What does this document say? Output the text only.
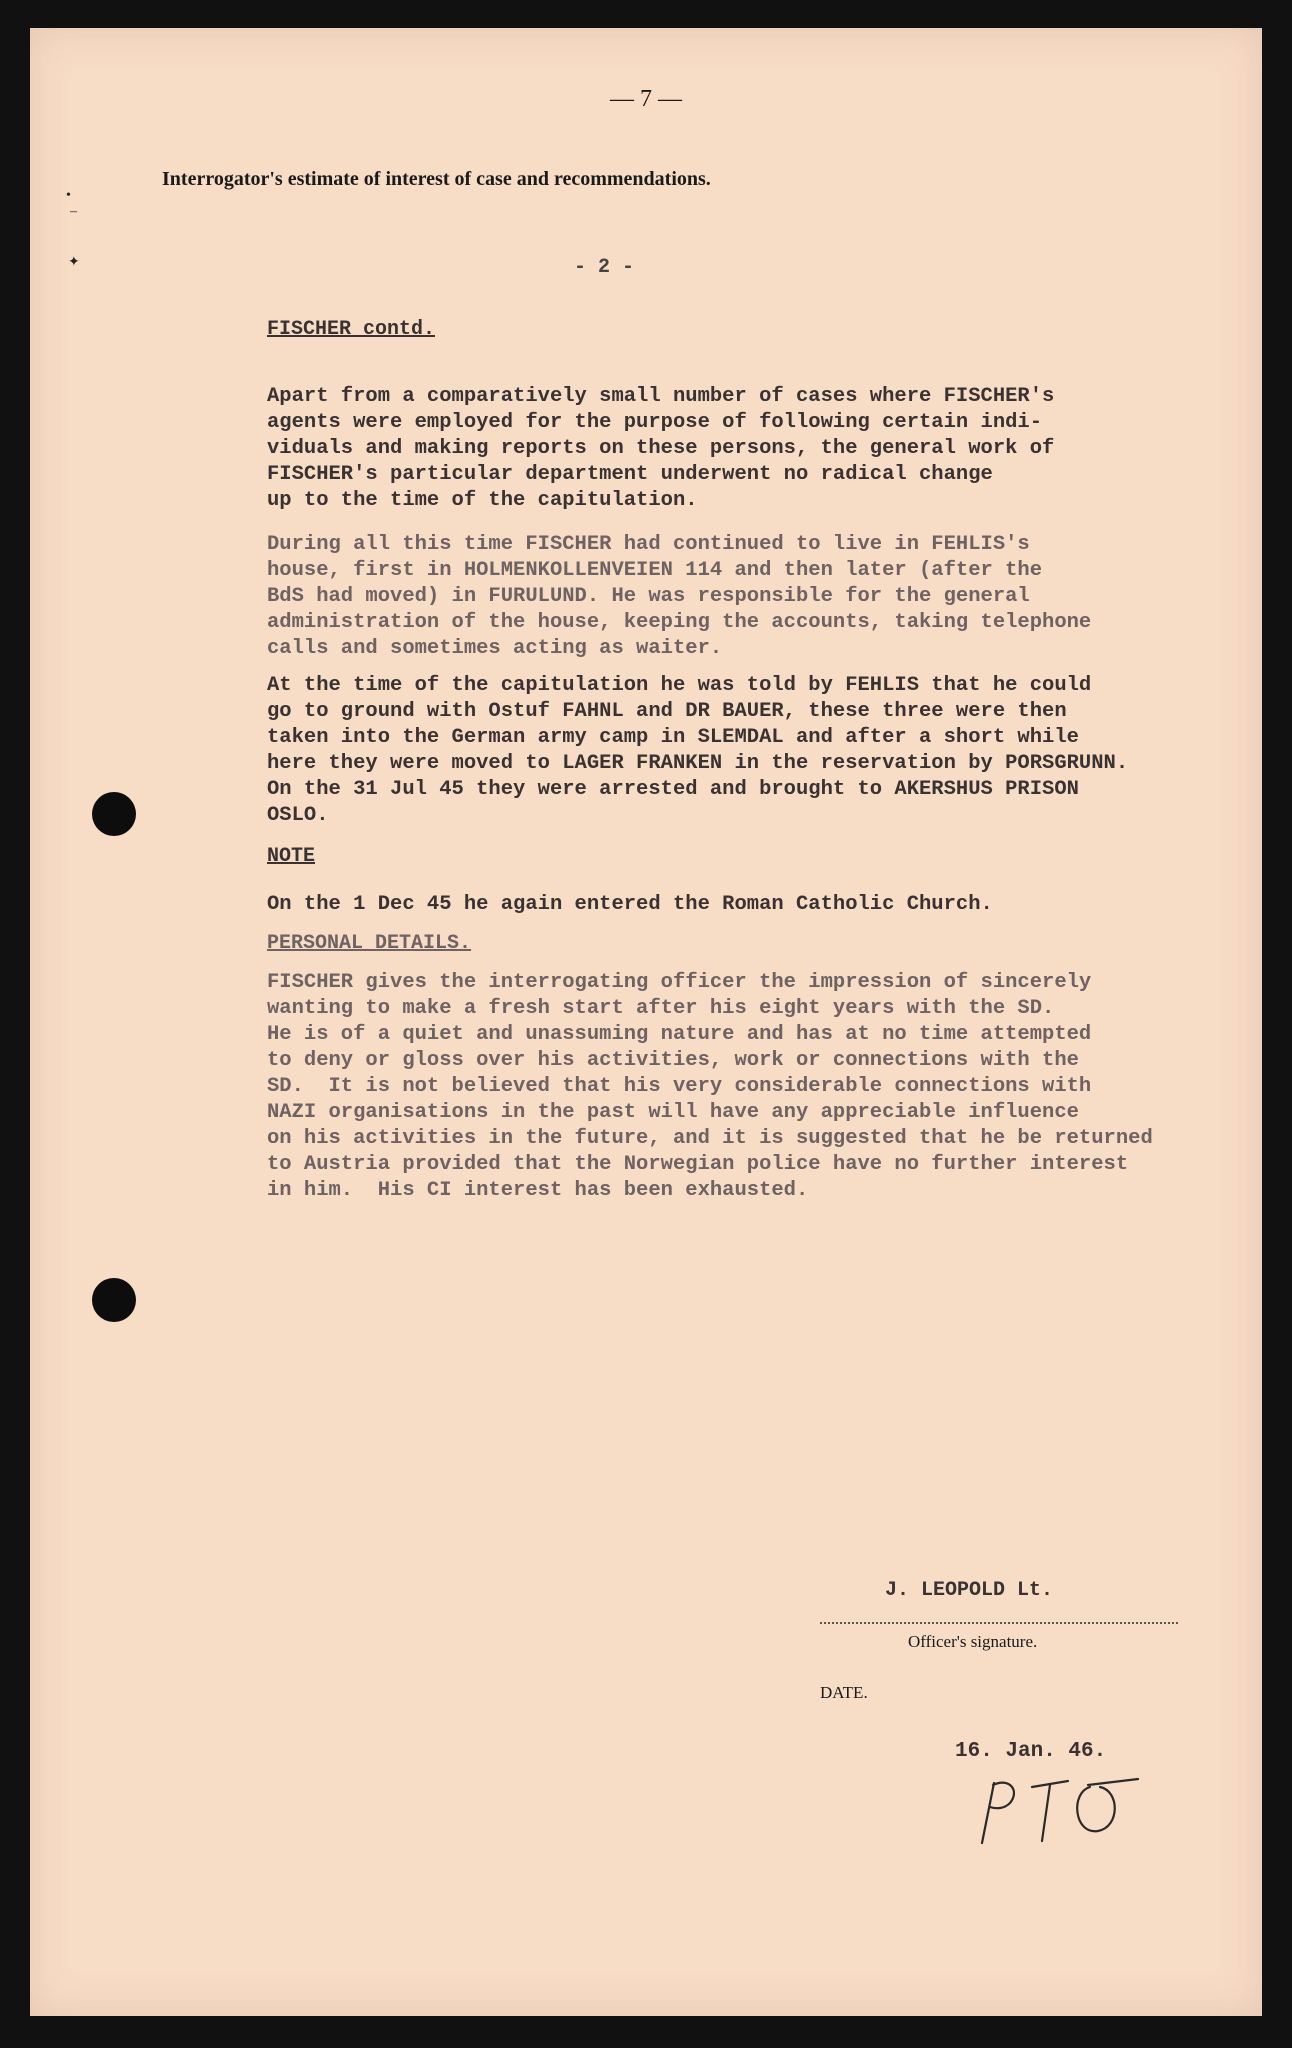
— 7 —
•
–
✦
Interrogator's estimate of interest of case and recommendations.
- 2 -
FISCHER contd.

Apart from a comparatively small number of cases where FISCHER's
agents were employed for the purpose of following certain indi-
viduals and making reports on these persons, the general work of
FISCHER's particular department underwent no radical change
up to the time of the capitulation.

During all this time FISCHER had continued to live in FEHLIS's
house, first in HOLMENKOLLENVEIEN 114 and then later (after the
BdS had moved) in FURULUND. He was responsible for the general
administration of the house, keeping the accounts, taking telephone
calls and sometimes acting as waiter.

At the time of the capitulation he was told by FEHLIS that he could
go to ground with Ostuf FAHNL and DR BAUER, these three were then
taken into the German army camp in SLEMDAL and after a short while
here they were moved to LAGER FRANKEN in the reservation by PORSGRUNN.
On the 31 Jul 45 they were arrested and brought to AKERSHUS PRISON
OSLO.

NOTE

On the 1 Dec 45 he again entered the Roman Catholic Church.

PERSONAL DETAILS.

FISCHER gives the interrogating officer the impression of sincerely
wanting to make a fresh start after his eight years with the SD.
He is of a quiet and unassuming nature and has at no time attempted
to deny or gloss over his activities, work or connections with the
SD.  It is not believed that his very considerable connections with
NAZI organisations in the past will have any appreciable influence
on his activities in the future, and it is suggested that he be returned
to Austria provided that the Norwegian police have no further interest
in him.  His CI interest has been exhausted.

J. LEOPOLD Lt.
Officer's signature.
DATE.
16. Jan. 46.
